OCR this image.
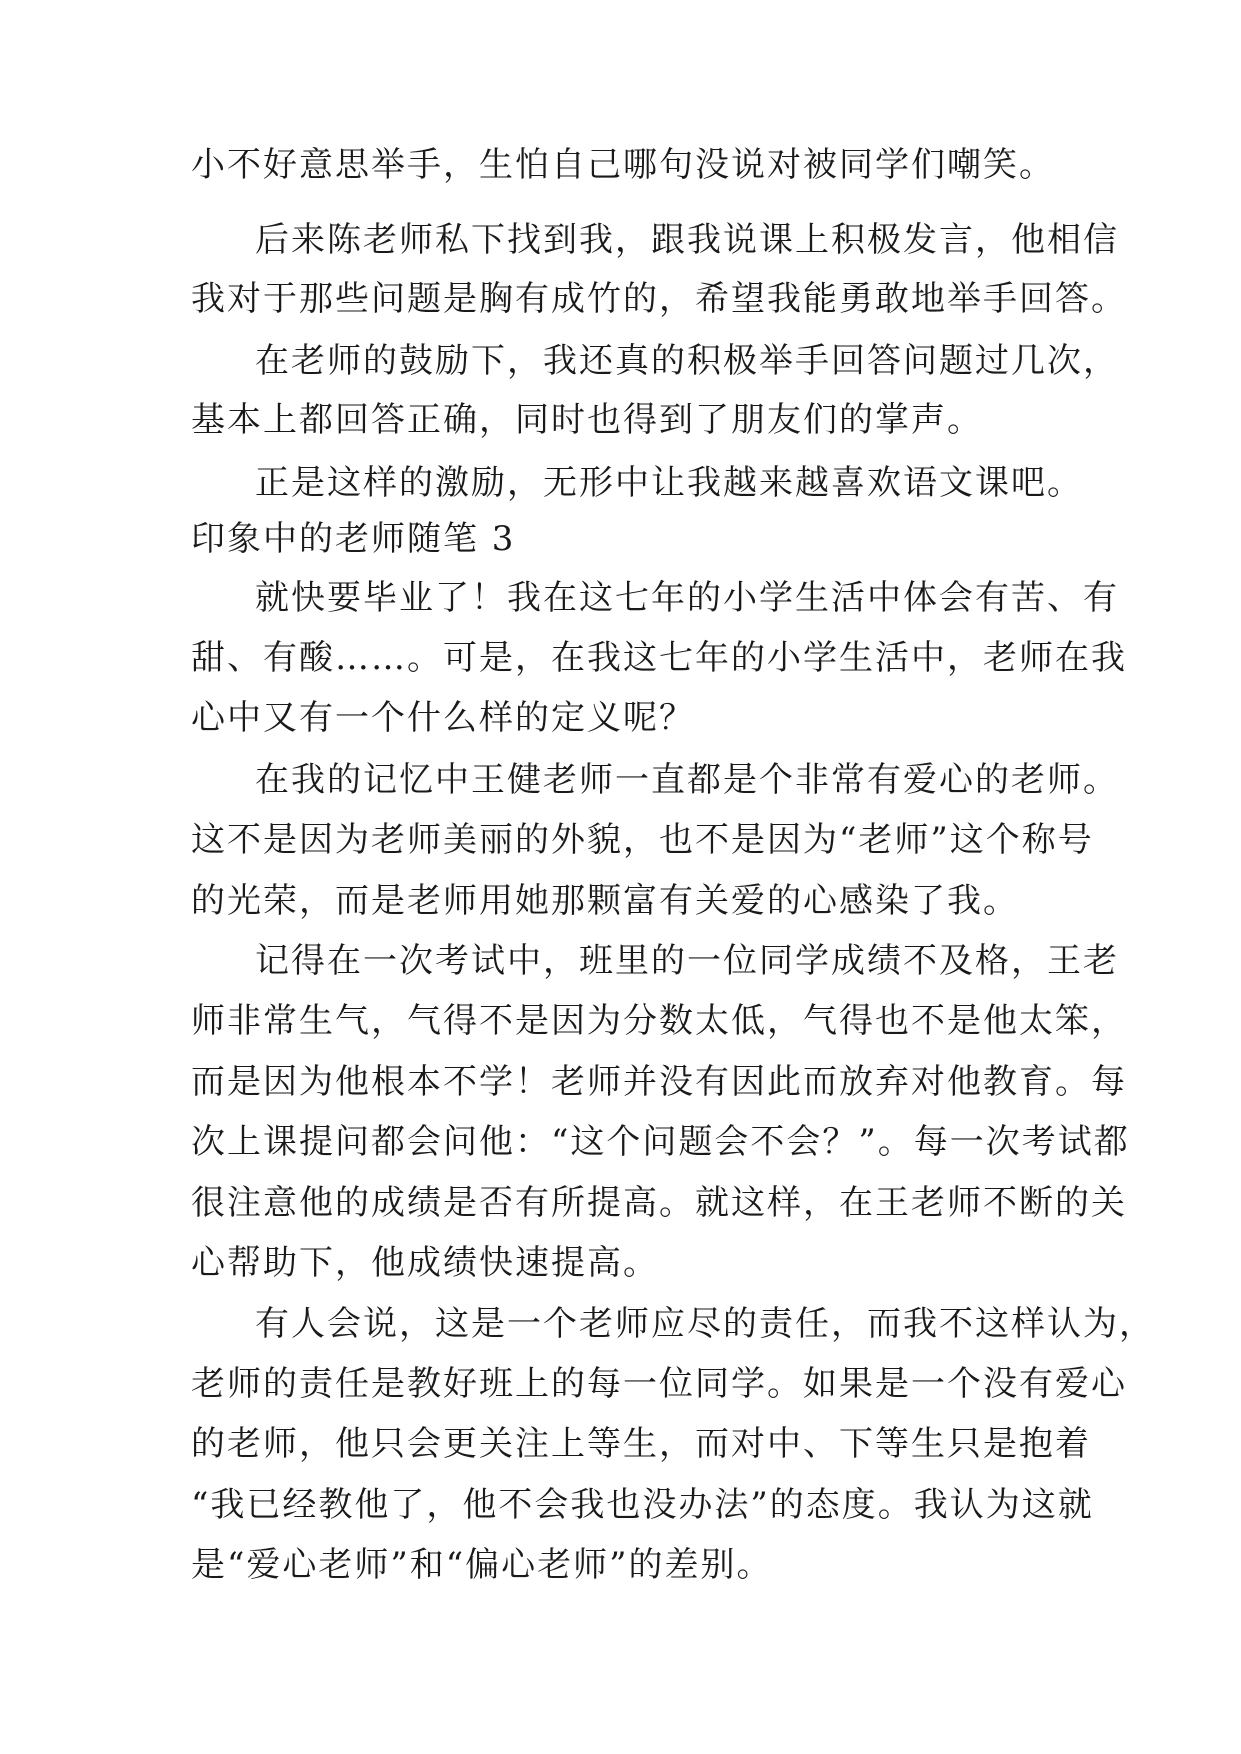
小不好意思举手，生怕自己哪句没说对被同学们嘲笑。
后来陈老师私下找到我，跟我说课上积极发言，他相信
我对于那些问题是胸有成竹的，希望我能勇敢地举手回答。
在老师的鼓励下，我还真的积极举手回答问题过几次，
基本上都回答正确，同时也得到了朋友们的掌声。
正是这样的激励，无形中让我越来越喜欢语文课吧。
印象中的老师随笔 3
就快要毕业了！我在这七年的小学生活中体会有苦、有
甜、有酸……。可是，在我这七年的小学生活中，老师在我
心中又有一个什么样的定义呢？
在我的记忆中王健老师一直都是个非常有爱心的老师。
这不是因为老师美丽的外貌，也不是因为“老师”这个称号
的光荣，而是老师用她那颗富有关爱的心感染了我。
记得在一次考试中，班里的一位同学成绩不及格，王老
师非常生气，气得不是因为分数太低，气得也不是他太笨，
而是因为他根本不学！老师并没有因此而放弃对他教育。每
次上课提问都会问他：“这个问题会不会？”。每一次考试都
很注意他的成绩是否有所提高。就这样，在王老师不断的关
心帮助下，他成绩快速提高。
有人会说，这是一个老师应尽的责任，而我不这样认为，
老师的责任是教好班上的每一位同学。如果是一个没有爱心
的老师，他只会更关注上等生，而对中、下等生只是抱着
“我已经教他了，他不会我也没办法”的态度。我认为这就
是“爱心老师”和“偏心老师”的差别。
